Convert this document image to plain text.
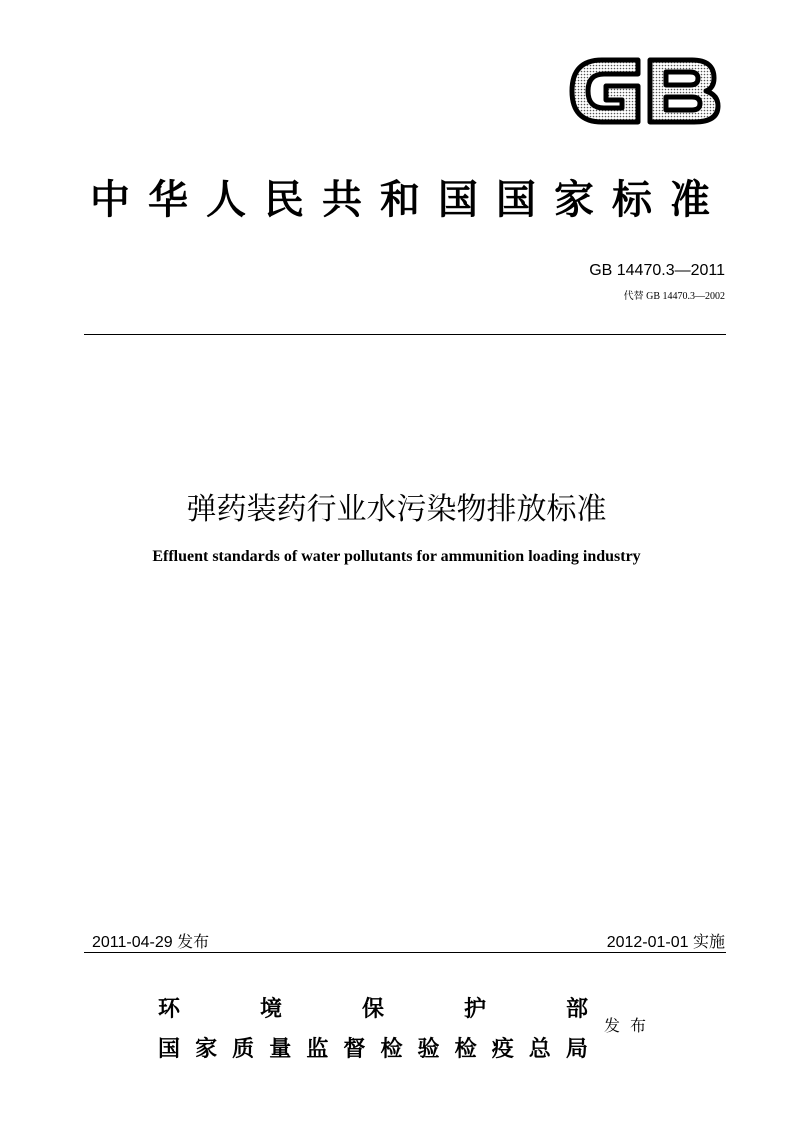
中 华 人 民 共 和 国 国 家 标 准
GB 14470.3—2011
代替 GB 14470.3—2002
弹药装药行业水污染物排放标准
Effluent standards of water pollutants for ammunition loading industry
2011-04-29 发布	2012-01-01 实施
环	境	保	护	部
国 家 质 量 监 督 检 验 检 疫 总 局
发布
